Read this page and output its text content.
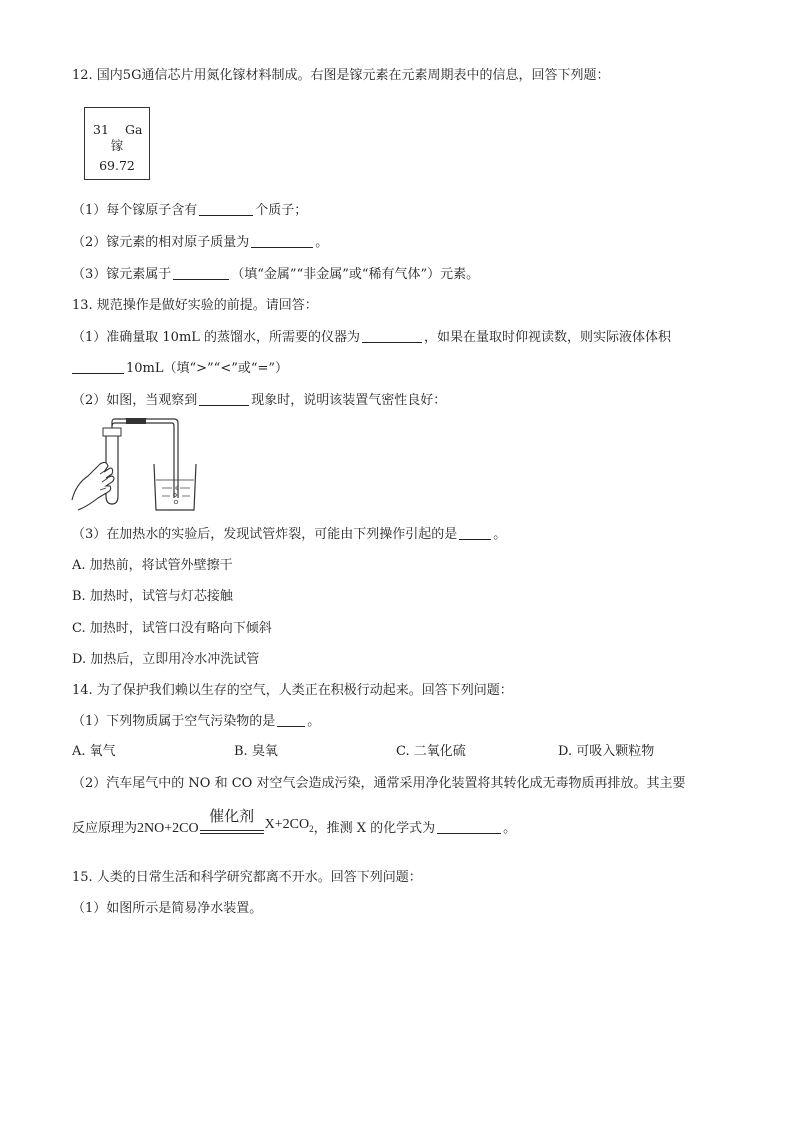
12. 国内5G通信芯片用氮化镓材料制成。右图是镓元素在元素周期表中的信息，回答下列题：
31 Ga
镓
69.72
（1）每个镓原子含有	个质子；
（2）镓元素的相对原子质量为	。
（3）镓元素属于	（填“金属”“非金属”或“稀有气体”）元素。
13. 规范操作是做好实验的前提。请回答：
（1）准确量取 10mL 的蒸馏水，所需要的仪器为	，如果在量取时仰视读数，则实际液体体积
10mL（填“>”“<”或“=”）
（2）如图，当观察到	现象时，说明该装置气密性良好：
（3）在加热水的实验后，发现试管炸裂，可能由下列操作引起的是	。
A. 加热前，将试管外壁擦干
B. 加热时，试管与灯芯接触
C. 加热时，试管口没有略向下倾斜
D. 加热后，立即用冷水冲洗试管
14. 为了保护我们赖以生存的空气，人类正在积极行动起来。回答下列问题：
（1）下列物质属于空气污染物的是 。
A. 氧气	B. 臭氧	C. 二氧化硫	D. 可吸入颗粒物
（2）汽车尾气中的 NO 和 CO 对空气会造成污染，通常采用净化装置将其转化成无毒物质再排放。其主要
反应原理为2NO+2CO
催化剂 $X+2CO_2$，推测 X 的化学式为	。
15. 人类的日常生活和科学研究都离不开水。回答下列问题：
（1）如图所示是简易净水装置。
